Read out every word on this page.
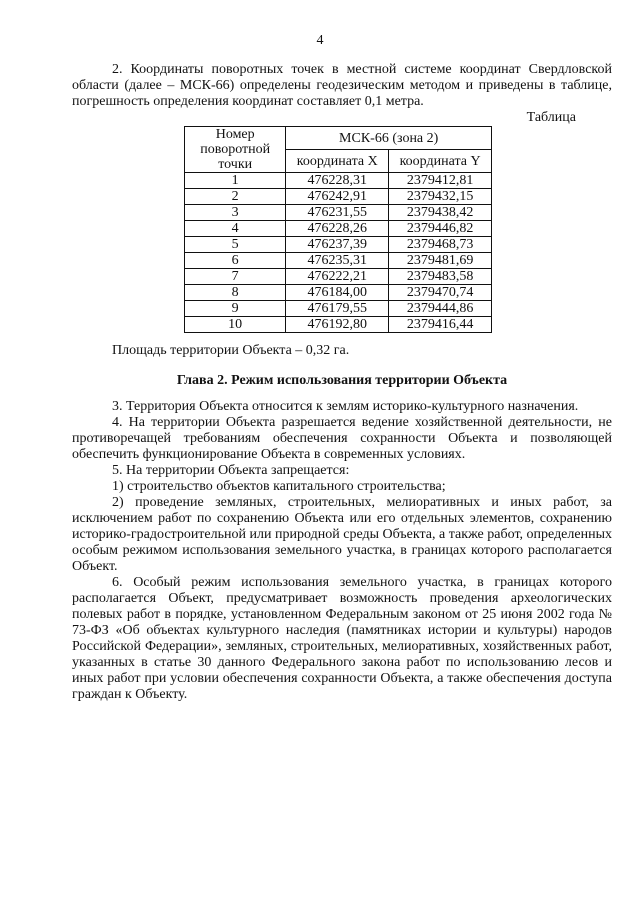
4

2. Координаты поворотных точек в местной системе координат Свердловской области (далее – МСК-66) определены геодезическим методом и приведены в таблице, погрешность определения координат составляет 0,1 метра.

Таблица
Номер поворотной точки	МСК-66 (зона 2)	
	координата X	координата Y
1	476228,31	2379412,81
2	476242,91	2379432,15
3	476231,55	2379438,42
4	476228,26	2379446,82
5	476237,39	2379468,73
6	476235,31	2379481,69
7	476222,21	2379483,58
8	476184,00	2379470,74
9	476179,55	2379444,86
10	476192,80	2379416,44

Площадь территории Объекта – 0,32 га.

Глава 2. Режим использования территории Объекта

3. Территория Объекта относится к землям историко-культурного назначения.

4. На территории Объекта разрешается ведение хозяйственной деятельности, не противоречащей требованиям обеспечения сохранности Объекта и позволяющей обеспечить функционирование Объекта в современных условиях.

5. На территории Объекта запрещается:

1) строительство объектов капитального строительства;

2) проведение земляных, строительных, мелиоративных и иных работ, за исключением работ по сохранению Объекта или его отдельных элементов, сохранению историко-градостроительной или природной среды Объекта, а также работ, определенных особым режимом использования земельного участка, в границах которого располагается Объект.

6. Особый режим использования земельного участка, в границах которого располагается Объект, предусматривает возможность проведения археологических полевых работ в порядке, установленном Федеральным законом от 25 июня 2002 года № 73-ФЗ «Об объектах культурного наследия (памятниках истории и культуры) народов Российской Федерации», земляных, строительных, мелиоративных, хозяйственных работ, указанных в статье 30 данного Федерального закона работ по использованию лесов и иных работ при условии обеспечения сохранности Объекта, а также обеспечения доступа граждан к Объекту.
